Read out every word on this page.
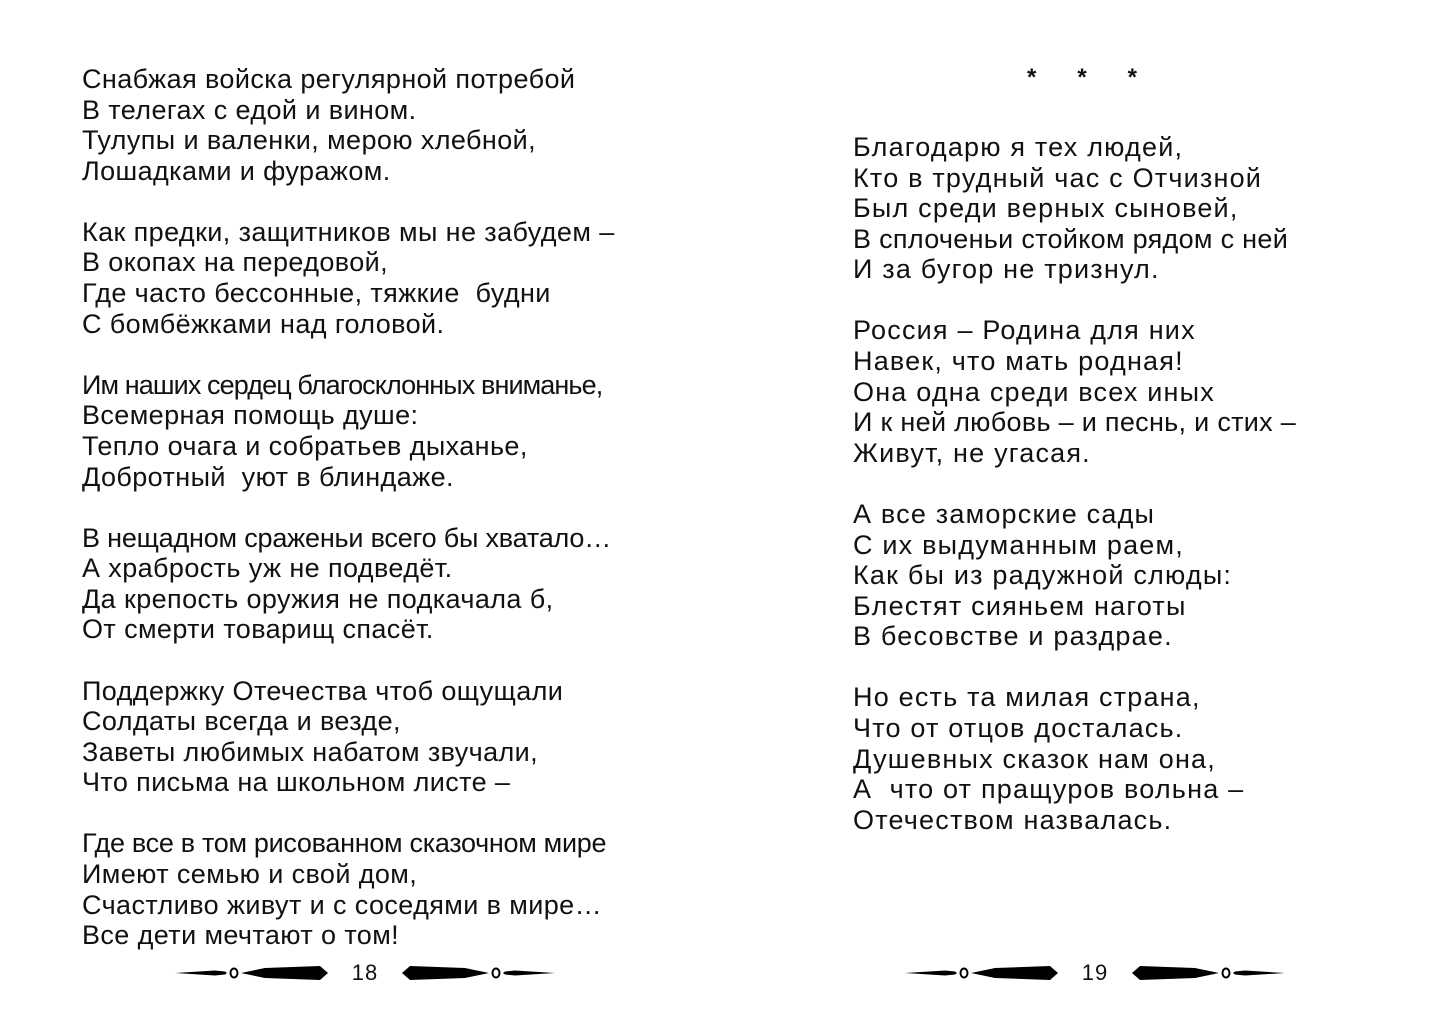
Снабжая войска регулярной потребой
В телегах с едой и вином.
Тулупы и валенки, мерою хлебной,
Лошадками и фуражом.
Как предки, защитников мы не забудем –
В окопах на передовой,
Где часто бессонные, тяжкие  будни
С бомбёжками над головой.
Им наших сердец благосклонных вниманье,
Всемерная помощь душе:
Тепло очага и собратьев дыханье,
Добротный  уют в блиндаже.
В нещадном сраженьи всего бы хватало…
А храбрость уж не подведёт.
Да крепость оружия не подкачала б,
От смерти товарищ спасёт.
Поддержку Отечества чтоб ощущали
Солдаты всегда и везде,
Заветы любимых набатом звучали,
Что письма на школьном листе –
Где все в том рисованном сказочном мире
Имеют семью и свой дом,
Счастливо живут и с соседями в мире…
Все дети мечтают о том!
18
* * *
Благодарю я тех людей,
Кто в трудный час с Отчизной
Был среди верных сыновей,
В сплоченьи стойком рядом с ней
И за бугор не тризнул.
Россия – Родина для них
Навек, что мать родная!
Она одна среди всех иных
И к ней любовь – и песнь, и стих –
Живут, не угасая.
А все заморские сады
С их выдуманным раем,
Как бы из радужной слюды:
Блестят сияньем наготы
В бесовстве и раздрае.
Но есть та милая страна,
Что от отцов досталась.
Душевных сказок нам она,
А  что от пращуров вольна –
Отечеством назвалась.
19
